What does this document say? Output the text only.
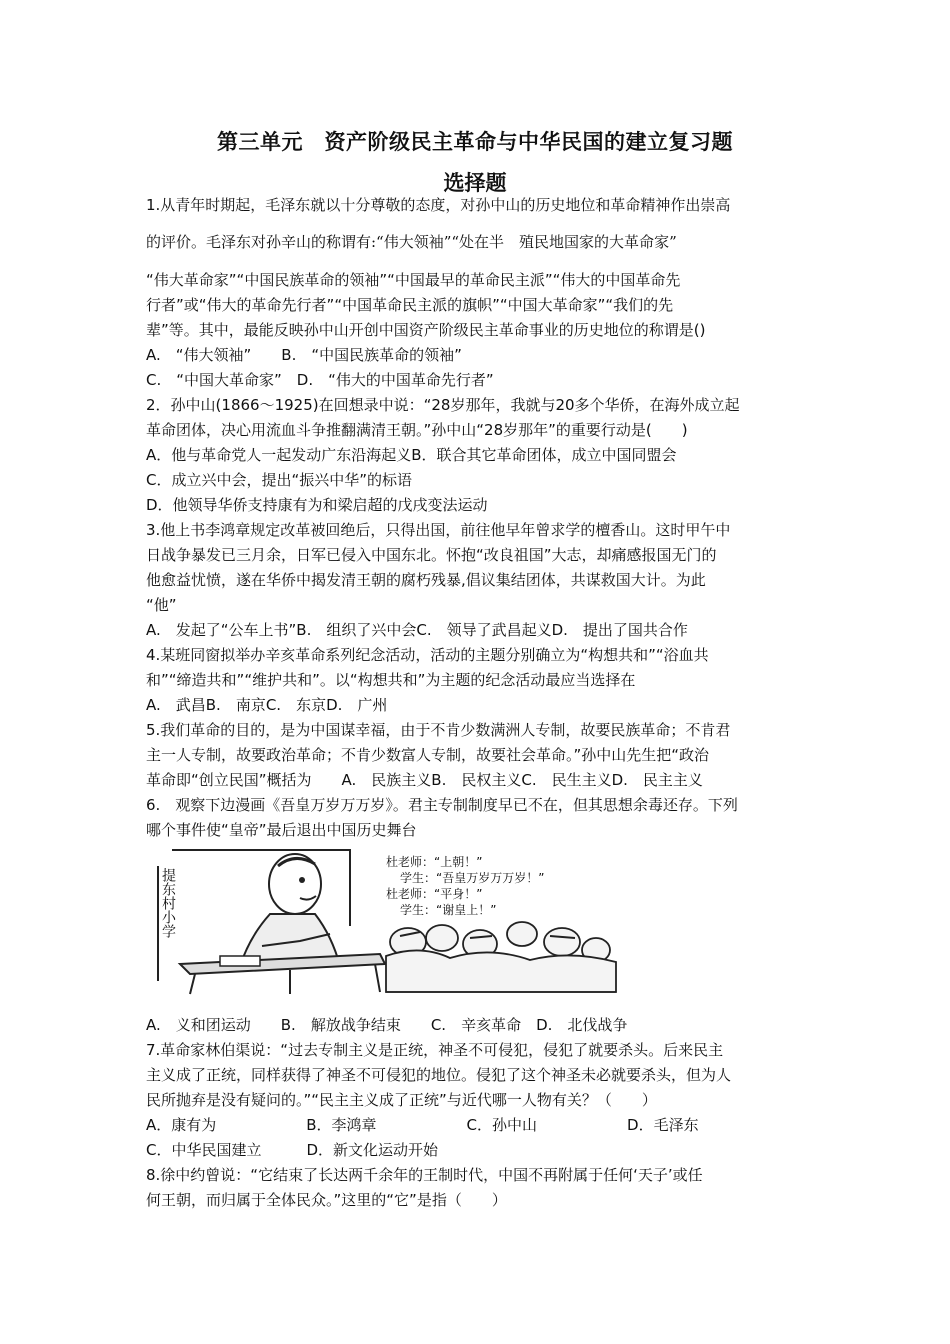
第三单元　资产阶级民主革命与中华民国的建立复习题
选择题
1.从青年时期起，毛泽东就以十分尊敬的态度，对孙中山的历史地位和革命精神作出崇高
的评价。毛泽东对孙辛山的称谓有:“伟大领袖”“处在半　殖民地国家的大革命家”
“伟大革命家”“中国民族革命的领袖”“中国最早的革命民主派”“伟大的中国革命先
行者”或“伟大的革命先行者”“中国革命民主派的旗帜”“中国大革命家”“我们的先
辈”等。其中，最能反映孙中山开创中国资产阶级民主革命事业的历史地位的称谓是()
A.　“伟大领袖”　　B.　“中国民族革命的领袖”
C.　“中国大革命家”　D.　“伟大的中国革命先行者”
2．孙中山(1866～1925)在回想录中说：“28岁那年，我就与20多个华侨，在海外成立起
革命团体，决心用流血斗争推翻满清王朝。”孙中山“28岁那年”的重要行动是(　　)
A．他与革命党人一起发动广东沿海起义B．联合其它革命团体，成立中国同盟会
C．成立兴中会，提出“振兴中华”的标语
D．他领导华侨支持康有为和梁启超的戊戌变法运动
3.他上书李鸿章规定改革被回绝后，只得出国，前往他早年曾求学的檀香山。这时甲午中
日战争暴发已三月余，日军已侵入中国东北。怀抱“改良祖国”大志，却痛感报国无门的
他愈益忧愤，遂在华侨中揭发清王朝的腐朽残暴,倡议集结团体，共谋救国大计。为此
“他”
A.　发起了“公车上书”B.　组织了兴中会C.　领导了武昌起义D.　提出了国共合作
4.某班同窗拟举办辛亥革命系列纪念活动，活动的主题分别确立为“构想共和”“浴血共
和”“缔造共和”“维护共和”。以“构想共和”为主题的纪念活动最应当选择在
A.　武昌B.　南京C.　东京D.　广州
5.我们革命的目的，是为中国谋幸福，由于不肯少数满洲人专制，故要民族革命；不肯君
主一人专制，故要政治革命；不肯少数富人专制，故要社会革命。”孙中山先生把“政治
革命即“创立民国”概括为　　A.　民族主义B.　民权主义C.　民生主义D.　民主主义
6.　观察下边漫画《吾皇万岁万万岁》。君主专制制度早已不在，但其思想余毒还存。下列
哪个事件使“皇帝”最后退出中国历史舞台
提东村小学
杜老师：“上朝！”
学生：“吾皇万岁万万岁！”
杜老师：“平身！”
学生：“谢皇上！”
A.　义和团运动　　B.　解放战争结束　　C.　辛亥革命　D.　北伐战争
7.革命家林伯渠说：“过去专制主义是正统，神圣不可侵犯，侵犯了就要杀头。后来民主
主义成了正统，同样获得了神圣不可侵犯的地位。侵犯了这个神圣未必就要杀头，但为人
民所抛弃是没有疑问的。”“民主主义成了正统”与近代哪一人物有关？（　　）
A．康有为　　　　　　B．李鸿章　　　　　　C．孙中山　　　　　　D．毛泽东
C．中华民国建立　　　D．新文化运动开始
8.徐中约曾说：“它结束了长达两千余年的王制时代，中国不再附属于任何‘天子’或任
何王朝，而归属于全体民众。”这里的“它”是指（　　）
